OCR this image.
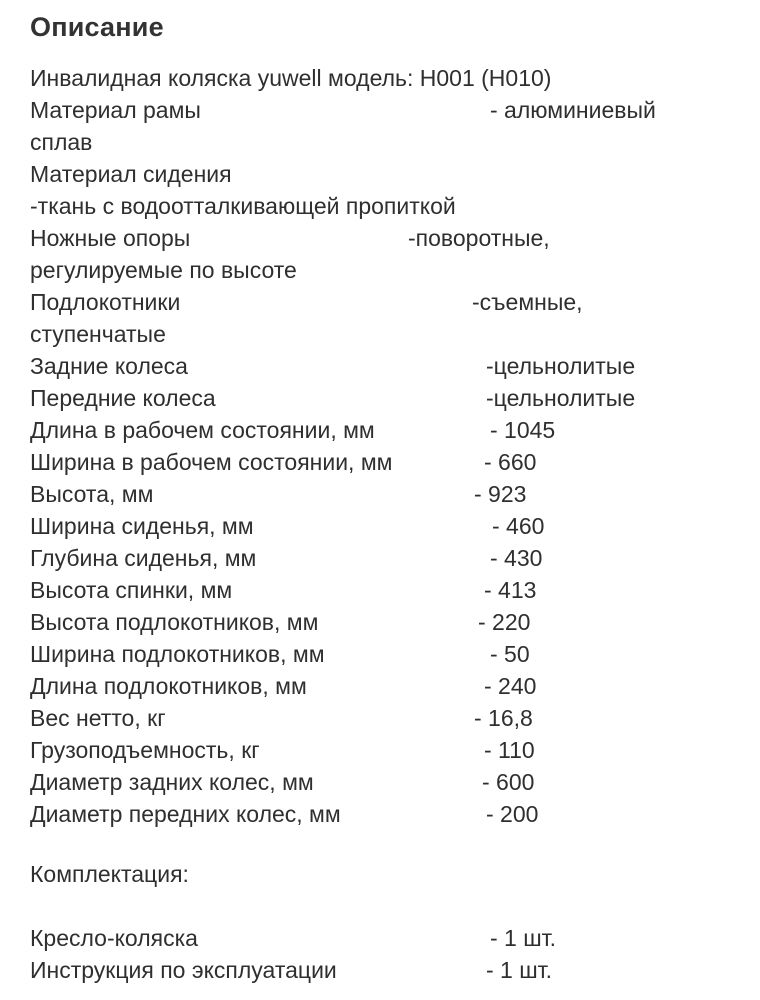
Описание
Инвалидная коляска yuwell модель: H001 (H010)
Материал рамы	- алюминиевый
сплав
Материал сидения
-ткань с водоотталкивающей пропиткой
Ножные опоры	-поворотные,
регулируемые по высоте
Подлокотники	-съемные,
ступенчатые
Задние колеса	-цельнолитые
Передние колеса	-цельнолитые
Длина в рабочем состоянии, мм	- 1045
Ширина в рабочем состоянии, мм	- 660
Высота, мм	- 923
Ширина сиденья, мм	- 460
Глубина сиденья, мм	- 430
Высота спинки, мм	- 413
Высота подлокотников, мм	- 220
Ширина подлокотников, мм	- 50
Длина подлокотников, мм	- 240
Вес нетто, кг	- 16,8
Грузоподъемность, кг	- 110
Диаметр задних колес, мм	- 600
Диаметр передних колес, мм	- 200
Комплектация:
Кресло-коляска	- 1 шт.
Инструкция по эксплуатации	- 1 шт.
